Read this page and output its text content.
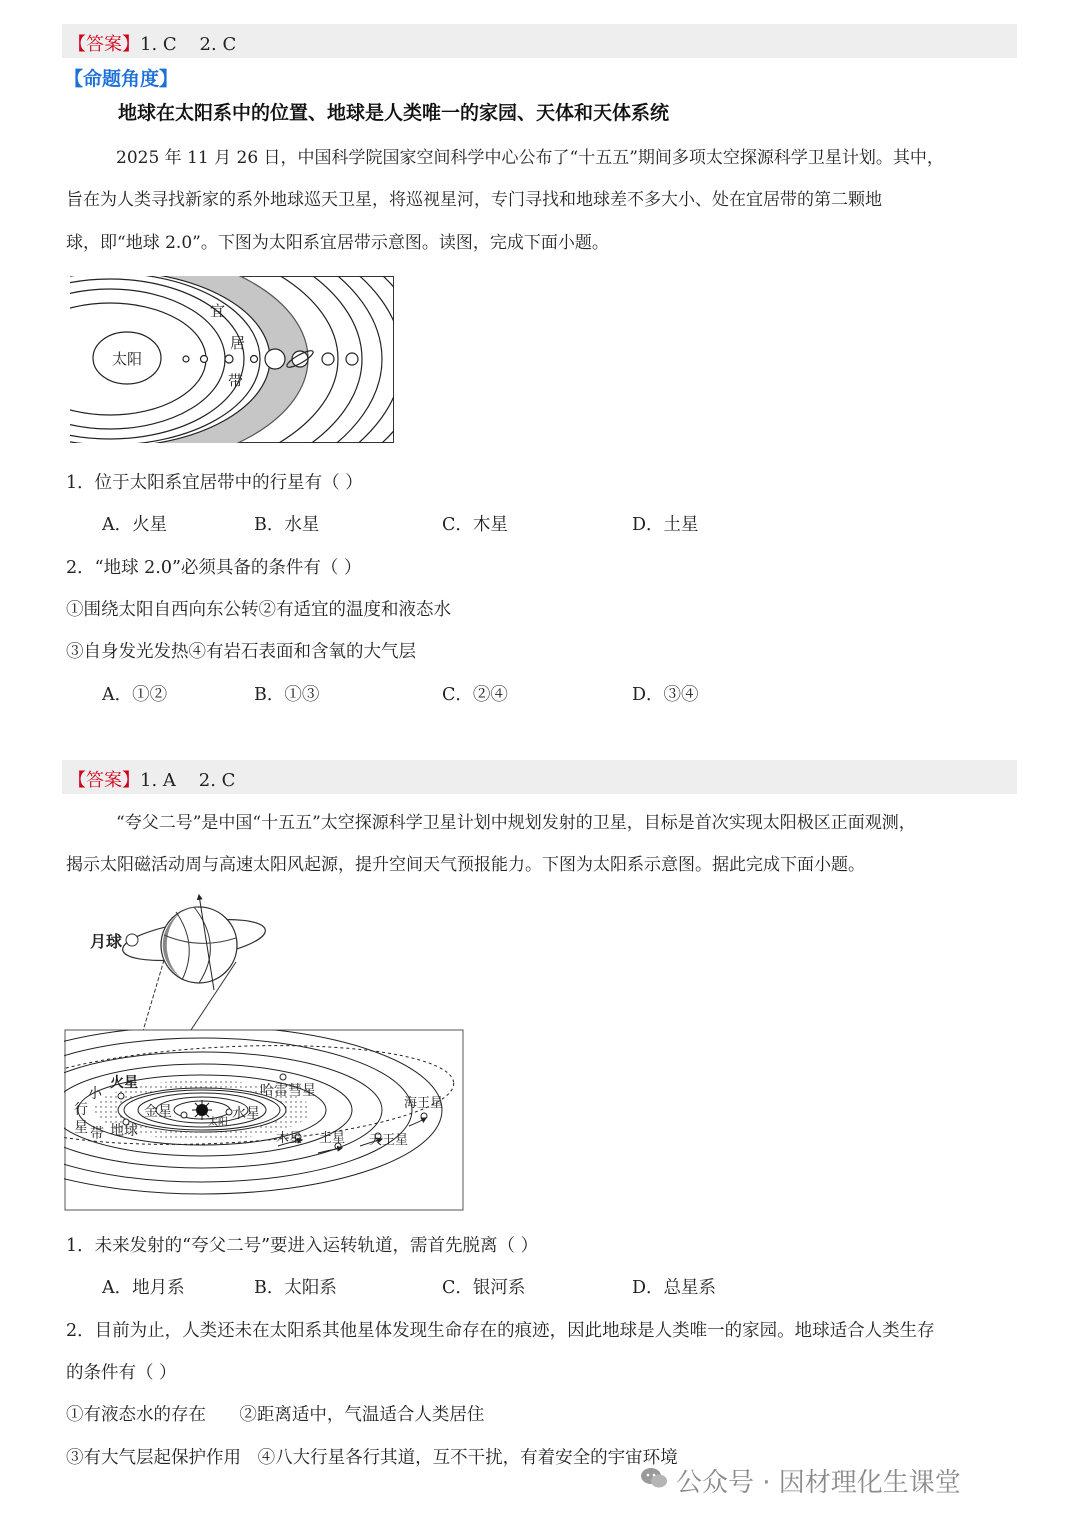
【答案】1. C    2. C
【命题角度】
地球在太阳系中的位置、地球是人类唯一的家园、天体和天体系统
2025 年 11 月 26 日，中国科学院国家空间科学中心公布了“十五五”期间多项太空探源科学卫星计划。其中，
旨在为人类寻找新家的系外地球巡天卫星，将巡视星河，专门寻找和地球差不多大小、处在宜居带的第二颗地
球，即“地球 2.0”。下图为太阳系宜居带示意图。读图，完成下面小题。
太阳
宜
居
带
1．位于太阳系宜居带中的行星有（ ）
A．火星	B．水星	C．木星	D．土星
2．“地球 2.0”必须具备的条件有（ ）
①围绕太阳自西向东公转②有适宜的温度和液态水
③自身发光发热④有岩石表面和含氧的大气层
A．①②	B．①③	C．②④	D．③④
【答案】1. A    2. C
“夸父二号”是中国“十五五”太空探源科学卫星计划中规划发射的卫星，目标是首次实现太阳极区正面观测，
揭示太阳磁活动周与高速太阳风起源，提升空间天气预报能力。下图为太阳系示意图。据此完成下面小题。
月球
火星
小
行
星 带
金星
地球
太阳
水星
哈雷彗星
木星 土星 天王星
海王星
1．未来发射的“夸父二号”要进入运转轨道，需首先脱离（ ）
A．地月系	B．太阳系	C．银河系	D．总星系
2．目前为止，人类还未在太阳系其他星体发现生命存在的痕迹，因此地球是人类唯一的家园。地球适合人类生存
的条件有（ ）
①有液态水的存在      ②距离适中，气温适合人类居住
③有大气层起保护作用   ④八大行星各行其道，互不干扰，有着安全的宇宙环境
公众号 · 因材理化生课堂
